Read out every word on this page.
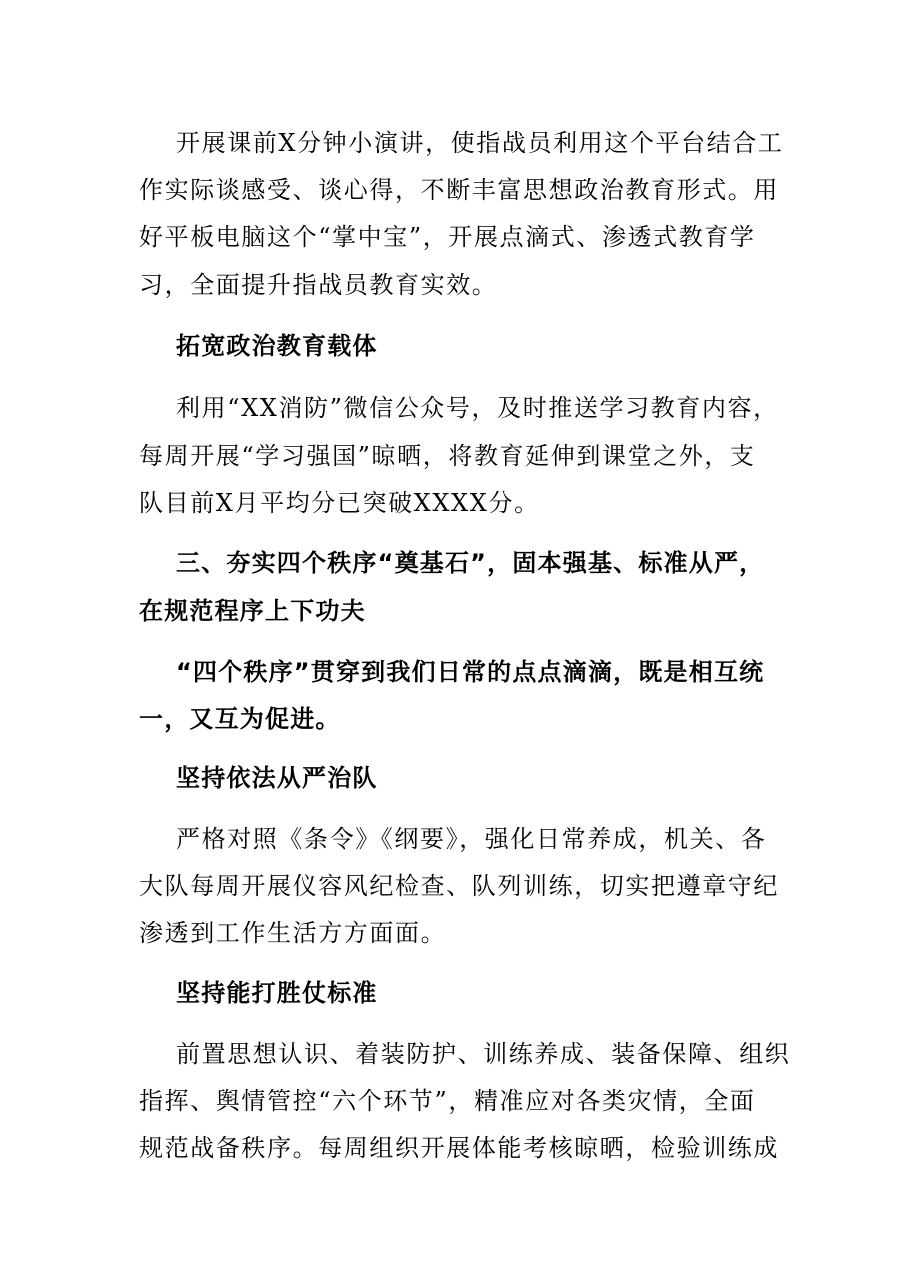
开展课前X分钟小演讲，使指战员利用这个平台结合工
作实际谈感受、谈心得，不断丰富思想政治教育形式。用
好平板电脑这个“掌中宝”，开展点滴式、渗透式教育学
习，全面提升指战员教育实效。
拓宽政治教育载体
利用“XX消防”微信公众号，及时推送学习教育内容，
每周开展“学习强国”晾晒，将教育延伸到课堂之外，支
队目前X月平均分已突破XXXX分。
三、夯实四个秩序“奠基石”，固本强基、标准从严，
在规范程序上下功夫
“四个秩序”贯穿到我们日常的点点滴滴，既是相互统
一，又互为促进。
坚持依法从严治队
严格对照《条令》《纲要》，强化日常养成，机关、各
大队每周开展仪容风纪检查、队列训练，切实把遵章守纪
渗透到工作生活方方面面。
坚持能打胜仗标准
前置思想认识、着装防护、训练养成、装备保障、组织
指挥、舆情管控“六个环节”，精准应对各类灾情，全面
规范战备秩序。每周组织开展体能考核晾晒，检验训练成
